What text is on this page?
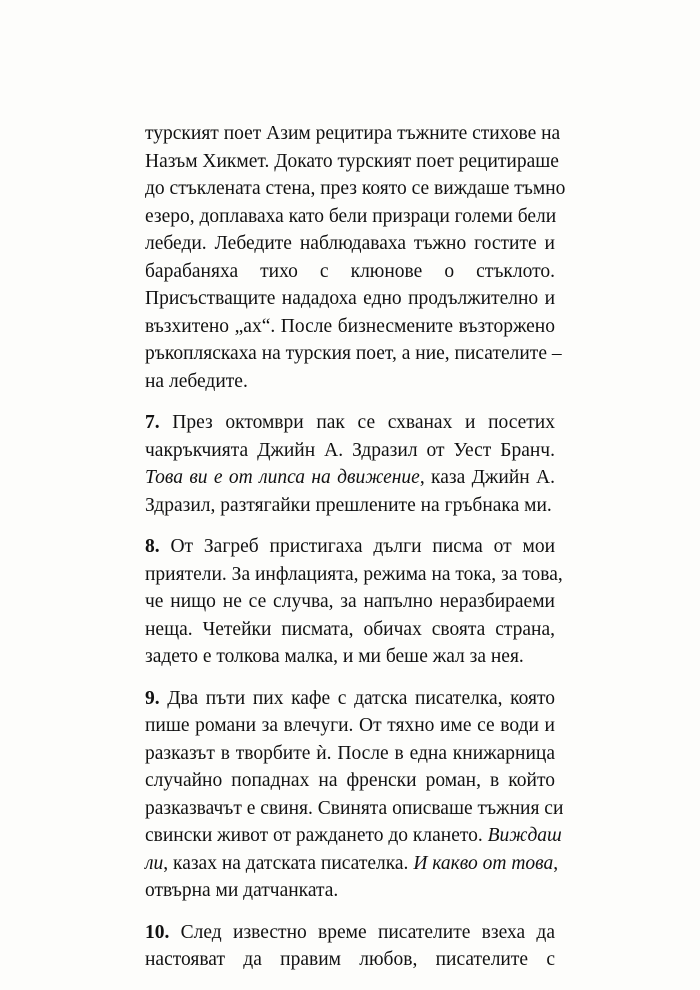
турският поет Азим рецитира тъжните стихове на
Назъм Хикмет. Докато турският поет рецитираше
до стъклената стена, през която се виждаше тъмно
езеро, доплаваха като бели призраци големи бели
лебеди. Лебедите наблюдаваха тъжно гостите и
барабаняха тихо с клюнове о стъклото.
Присъстващите нададоха едно продължително и
възхитено „ах“. После бизнесмените възторжено
ръкопляскаха на турския поет, а ние, писателите –
на лебедите.
7. През октомври пак се схванах и посетих
чакръкчията Джийн А. Здразил от Уест Бранч.
Това ви е от липса на движение, каза Джийн А.
Здразил, разтягайки прешлените на гръбнака ми.
8. От Загреб пристигаха дълги писма от мои
приятели. За инфлацията, режима на тока, за това,
че нищо не се случва, за напълно неразбираеми
неща. Четейки писмата, обичах своята страна,
задето е толкова малка, и ми беше жал за нея.
9. Два пъти пих кафе с датска писателка, която
пише романи за влечуги. От тяхно име се води и
разказът в творбите ѝ. После в една книжарница
случайно попаднах на френски роман, в който
разказвачът е свиня. Свинята описваше тъжния си
свински живот от раждането до клането. Виждаш
ли, казах на датската писателка. И какво от това,
отвърна ми датчанката.
10. След известно време писателите взеха да
настояват да правим любов, писателите с
